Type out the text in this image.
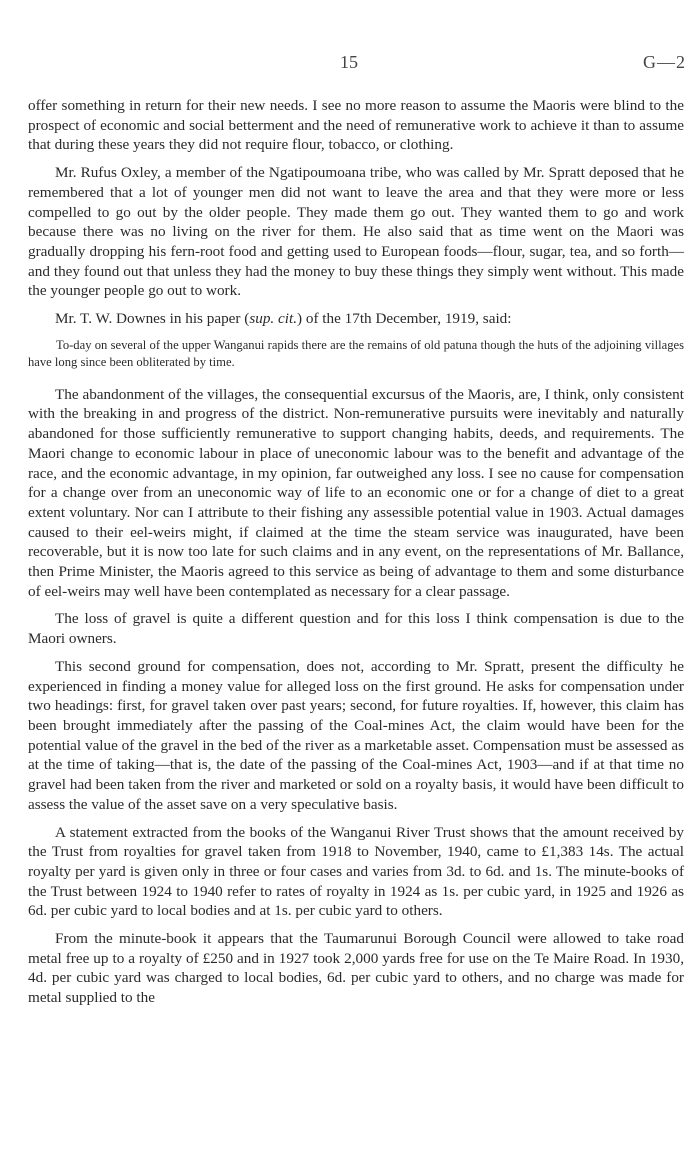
15	G—2

offer something in return for their new needs. I see no more reason to assume the Maoris were blind to the prospect of economic and social betterment and the need of remunerative work to achieve it than to assume that during these years they did not require flour, tobacco, or clothing.

Mr. Rufus Oxley, a member of the Ngatipoumoana tribe, who was called by Mr. Spratt deposed that he remembered that a lot of younger men did not want to leave the area and that they were more or less compelled to go out by the older people. They made them go out. They wanted them to go and work because there was no living on the river for them. He also said that as time went on the Maori was gradually dropping his fern-root food and getting used to European foods—flour, sugar, tea, and so forth—and they found out that unless they had the money to buy these things they simply went without. This made the younger people go out to work.

Mr. T. W. Downes in his paper (sup. cit.) of the 17th December, 1919, said:

To-day on several of the upper Wanganui rapids there are the remains of old patuna though the huts of the adjoining villages have long since been obliterated by time.

The abandonment of the villages, the consequential excursus of the Maoris, are, I think, only consistent with the breaking in and progress of the district. Non-remunerative pursuits were inevitably and naturally abandoned for those sufficiently remunerative to support changing habits, deeds, and requirements. The Maori change to economic labour in place of uneconomic labour was to the benefit and advantage of the race, and the economic advantage, in my opinion, far outweighed any loss. I see no cause for compensation for a change over from an uneconomic way of life to an economic one or for a change of diet to a great extent voluntary. Nor can I attribute to their fishing any assessible potential value in 1903. Actual damages caused to their eel-weirs might, if claimed at the time the steam service was inaugurated, have been recoverable, but it is now too late for such claims and in any event, on the representations of Mr. Ballance, then Prime Minister, the Maoris agreed to this service as being of advantage to them and some disturbance of eel-weirs may well have been contemplated as necessary for a clear passage.

The loss of gravel is quite a different question and for this loss I think compensation is due to the Maori owners.

This second ground for compensation, does not, according to Mr. Spratt, present the difficulty he experienced in finding a money value for alleged loss on the first ground. He asks for compensation under two headings: first, for gravel taken over past years; second, for future royalties. If, however, this claim has been brought immediately after the passing of the Coal-mines Act, the claim would have been for the potential value of the gravel in the bed of the river as a marketable asset. Compensation must be assessed as at the time of taking—that is, the date of the passing of the Coal-mines Act, 1903—and if at that time no gravel had been taken from the river and marketed or sold on a royalty basis, it would have been difficult to assess the value of the asset save on a very speculative basis.

A statement extracted from the books of the Wanganui River Trust shows that the amount received by the Trust from royalties for gravel taken from 1918 to November, 1940, came to £1,383 14s. The actual royalty per yard is given only in three or four cases and varies from 3d. to 6d. and 1s. The minute-books of the Trust between 1924 to 1940 refer to rates of royalty in 1924 as 1s. per cubic yard, in 1925 and 1926 as 6d. per cubic yard to local bodies and at 1s. per cubic yard to others.

From the minute-book it appears that the Taumarunui Borough Council were allowed to take road metal free up to a royalty of £250 and in 1927 took 2,000 yards free for use on the Te Maire Road. In 1930, 4d. per cubic yard was charged to local bodies, 6d. per cubic yard to others, and no charge was made for metal supplied to the
